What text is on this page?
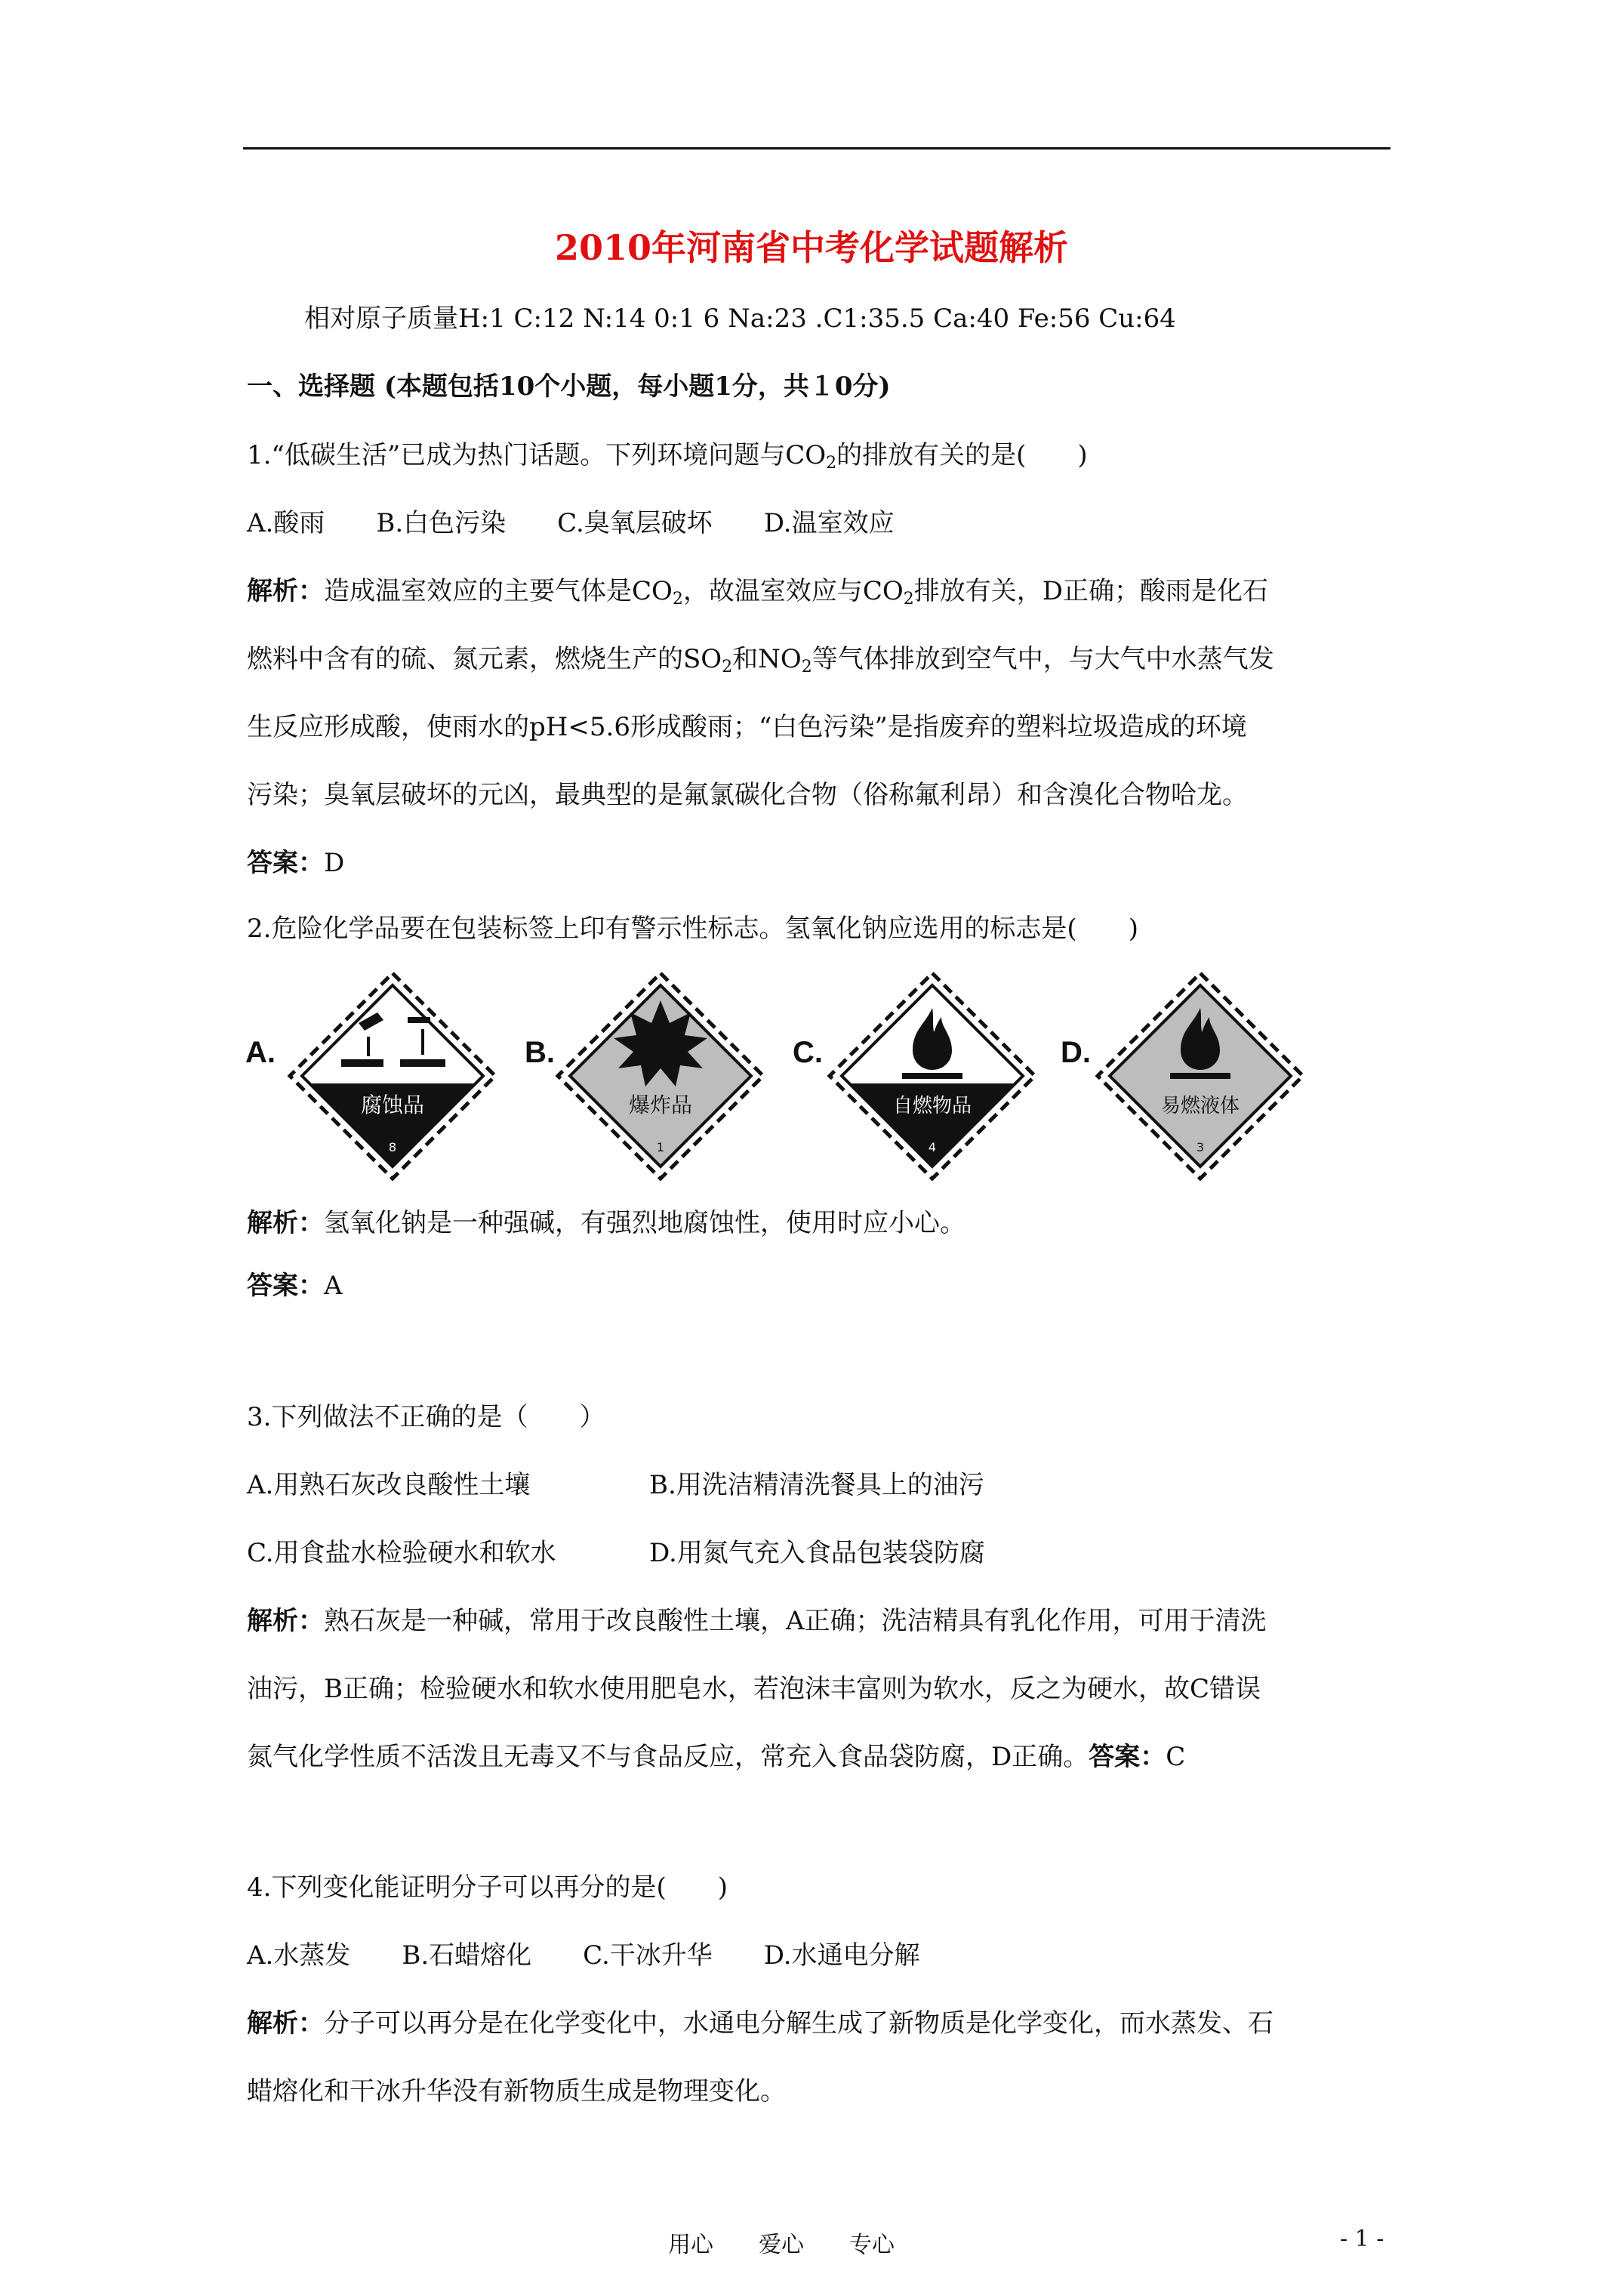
2010年河南省中考化学试题解析
相对原子质量H:1 C:12 N:14 0:1 6 Na:23 .C1:35.5 Ca:40 Fe:56 Cu:64
一、选择题 (本题包括10个小题，每小题1分，共１0分)
1.“低碳生活”已成为热门话题。下列环境问题与$CO_2$的排放有关的是(　　)
A.酸雨　　B.白色污染　　C.臭氧层破坏　　D.温室效应
解析：造成温室效应的主要气体是$CO_2$，故温室效应与$CO_2$排放有关，D正确；酸雨是化石
燃料中含有的硫、氮元素，燃烧生产的$SO_2$和$NO_2$等气体排放到空气中，与大气中水蒸气发
生反应形成酸，使雨水的pH<5.6形成酸雨；“白色污染”是指废弃的塑料垃圾造成的环境
污染；臭氧层破坏的元凶，最典型的是氟氯碳化合物（俗称氟利昂）和含溴化合物哈龙。
答案：D
2.危险化学品要在包装标签上印有警示性标志。氢氧化钠应选用的标志是(　　)
A.
腐蚀品
8
B.
爆炸品
1
C.
自燃物品
4
D.
易燃液体
3
解析：氢氧化钠是一种强碱，有强烈地腐蚀性，使用时应小心。
答案：A
3.下列做法不正确的是（　　）
A.用熟石灰改良酸性土壤	B.用洗洁精清洗餐具上的油污
C.用食盐水检验硬水和软水	D.用氮气充入食品包装袋防腐
解析：熟石灰是一种碱，常用于改良酸性土壤，A正确；洗洁精具有乳化作用，可用于清洗
油污，B正确；检验硬水和软水使用肥皂水，若泡沫丰富则为软水，反之为硬水，故C错误
氮气化学性质不活泼且无毒又不与食品反应，常充入食品袋防腐，D正确。答案：C
4.下列变化能证明分子可以再分的是(　　)
A.水蒸发　　B.石蜡熔化　　C.干冰升华　　D.水通电分解
解析：分子可以再分是在化学变化中，水通电分解生成了新物质是化学变化，而水蒸发、石
蜡熔化和干冰升华没有新物质生成是物理变化。
用心　　爱心　　专心	- 1 -
